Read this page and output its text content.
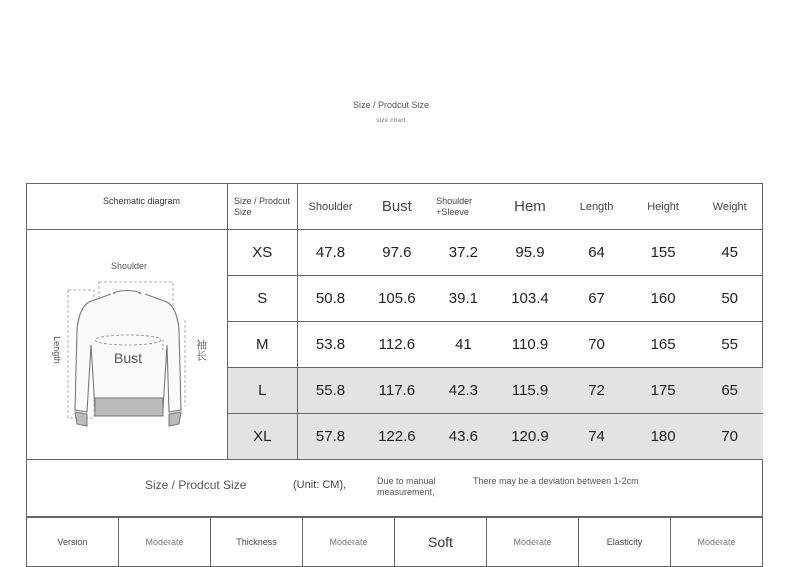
Size / Prodcut Size
size chart
Schematic diagram
Shoulder
Bust
Length	袖长
Size / Prodcut Size	Shoulder	Bust	Shoulder +Sleeve	Hem	Length	Height	Weight
XS	47.8	97.6	37.2	95.9	64	155	45
S	50.8	105.6	39.1	103.4	67	160	50
M	53.8	112.6	41	110.9	70	165	55
L	55.8	117.6	42.3	115.9	72	175	65
XL	57.8	122.6	43.6	120.9	74	180	70
Size / Prodcut Size	(Unit: CM),	Due to manual measurement,
There may be a deviation between 1-2cm
Version	Moderate	Thickness	Moderate	Soft	Moderate	Elasticity	Moderate
